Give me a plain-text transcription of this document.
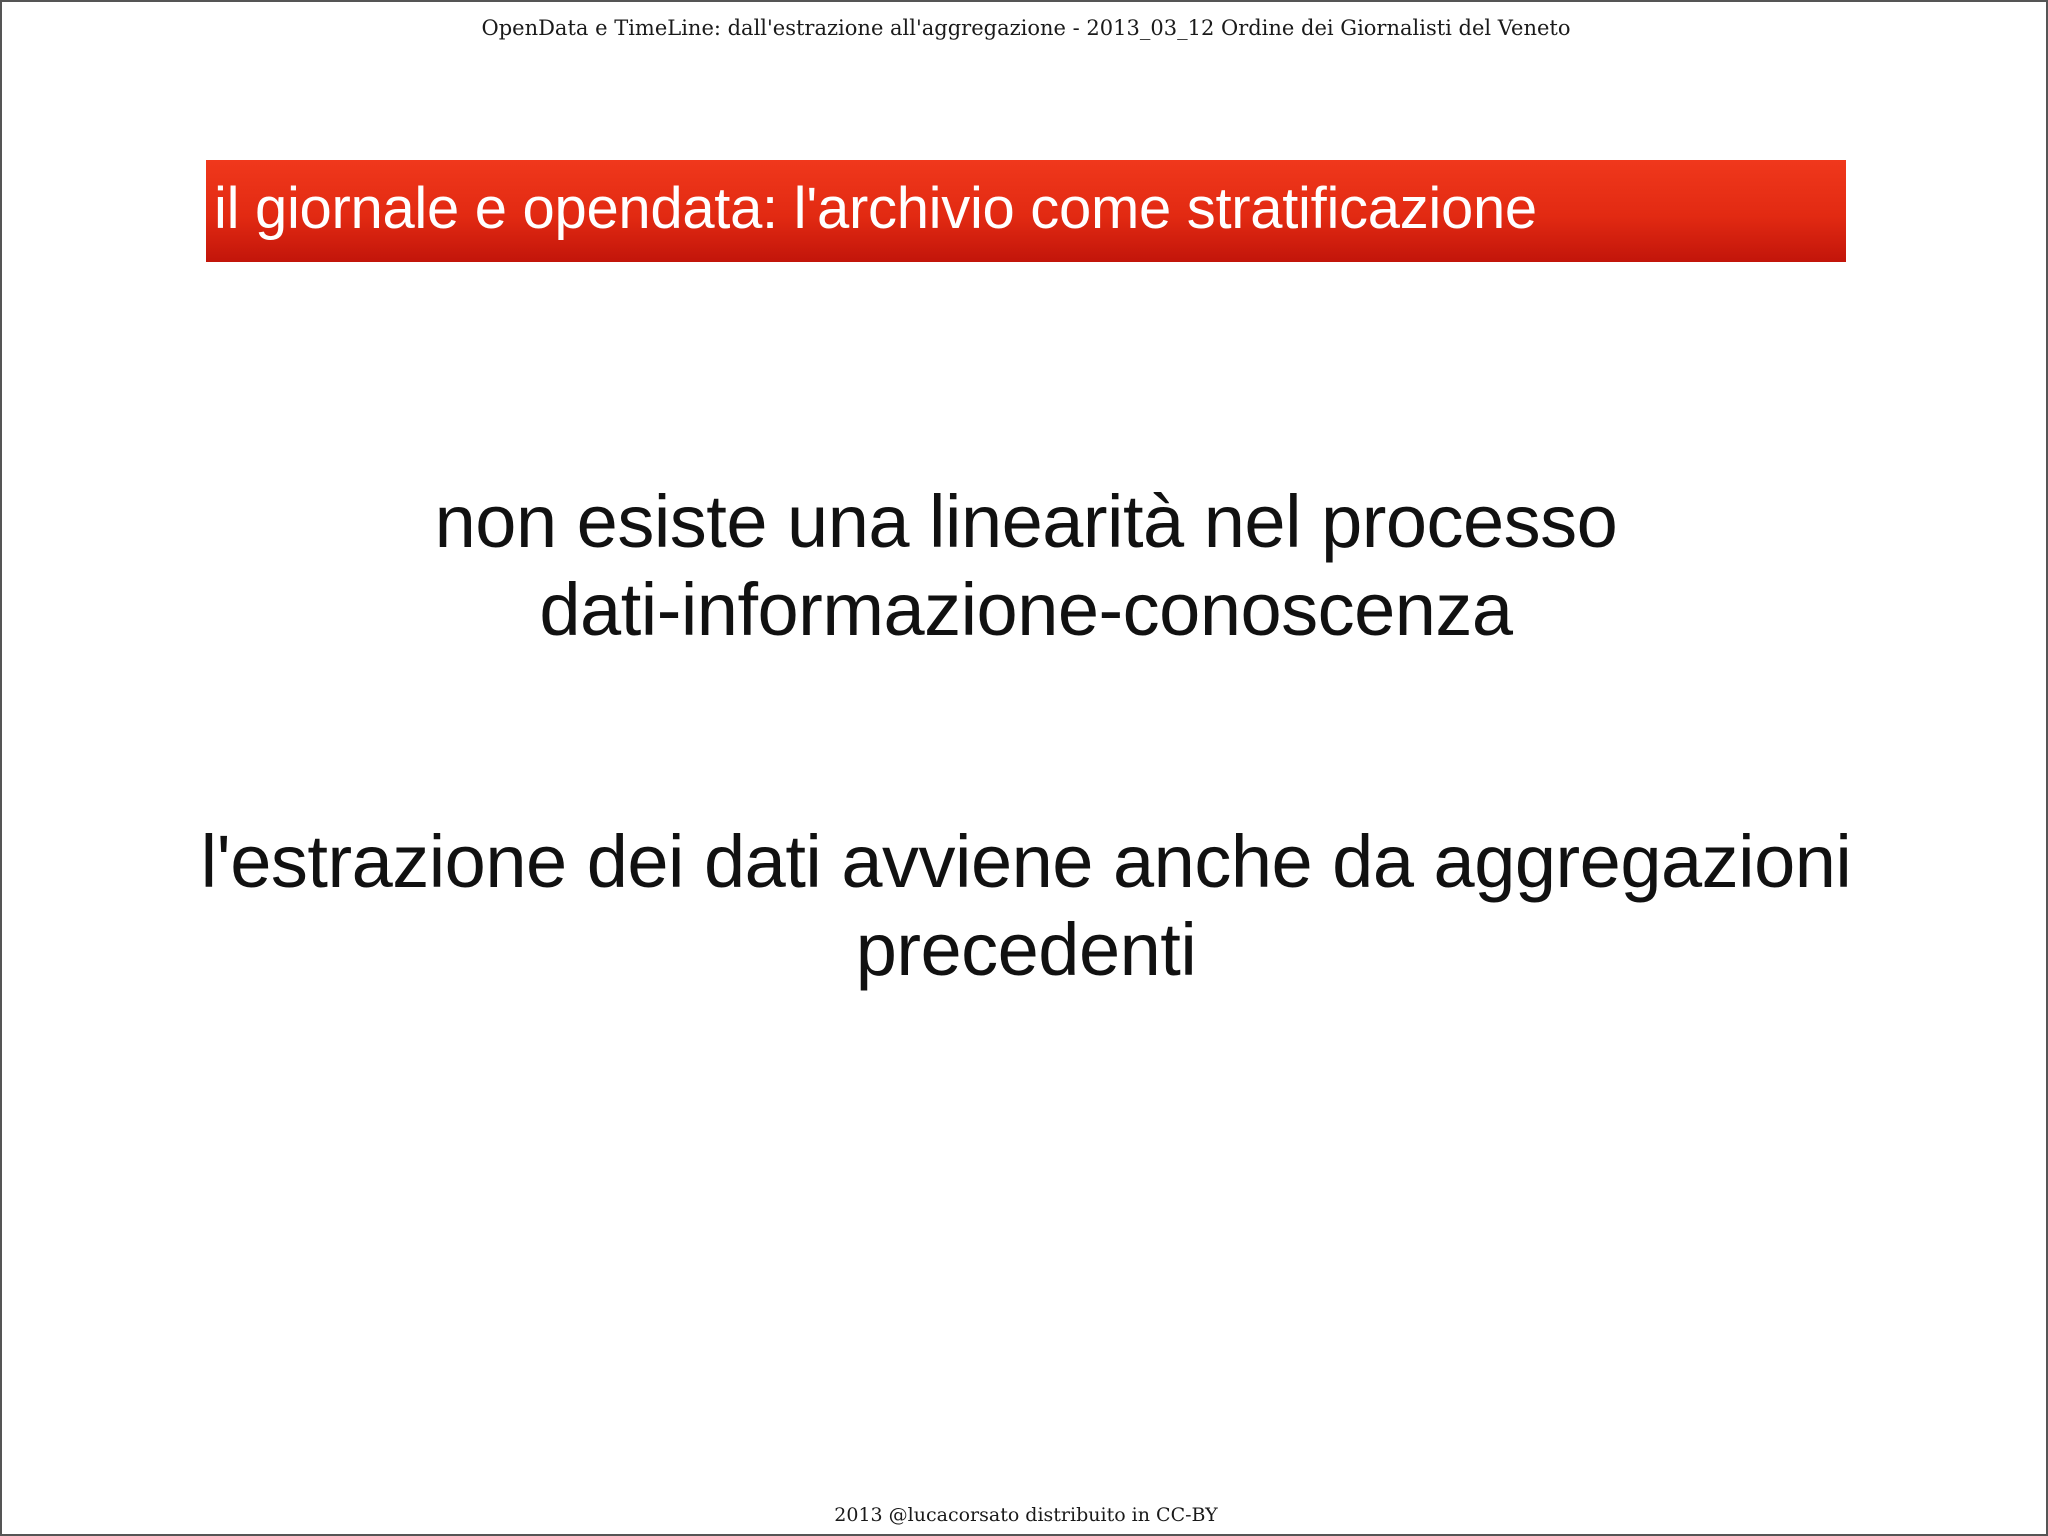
OpenData e TimeLine: dall'estrazione all'aggregazione - 2013_03_12 Ordine dei Giornalisti del Veneto
il giornale e opendata: l'archivio come stratificazione
non esiste una linearità nel processo
dati-informazione-conoscenza
l'estrazione dei dati avviene anche da aggregazioni
precedenti
2013 @lucacorsato distribuito in CC-BY
